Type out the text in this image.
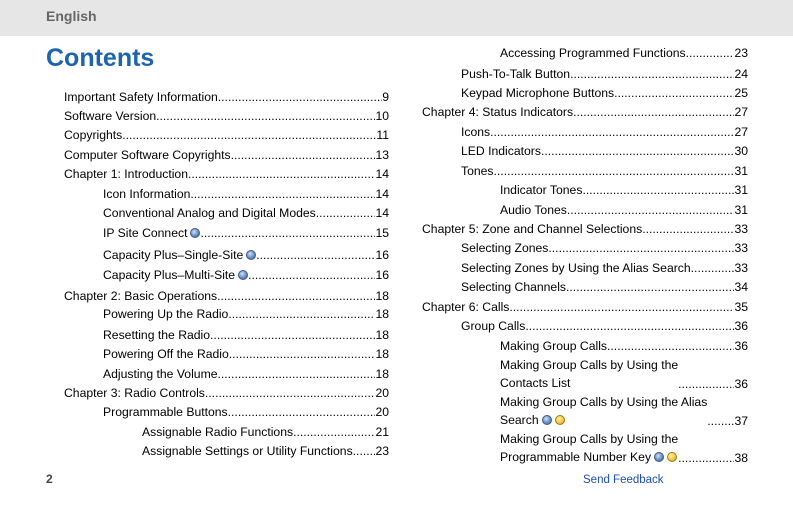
English
Contents
Important Safety Information .....	9
Software Version .....	10
Copyrights .....	11
Computer Software Copyrights .....	13
Chapter 1: Introduction .....	14
Icon Information .....	14
Conventional Analog and Digital Modes .....	14
IP Site Connect .....	15
Capacity Plus–Single-Site .....	16
Capacity Plus–Multi-Site .....	16
Chapter 2: Basic Operations .....	18
Powering Up the Radio .....	18
Resetting the Radio .....	18
Powering Off the Radio .....	18
Adjusting the Volume .....	18
Chapter 3: Radio Controls .....	20
Programmable Buttons .....	20
Assignable Radio Functions .....	21
Assignable Settings or Utility Functions ..... 23
Accessing Programmed Functions .....	23
Push-To-Talk Button .....	24
Keypad Microphone Buttons .....	25
Chapter 4: Status Indicators .....	27
Icons .....	27
LED Indicators .....	30
Tones .....	31
Indicator Tones .....	31
Audio Tones .....	31
Chapter 5: Zone and Channel Selections .....	33
Selecting Zones .....	33
Selecting Zones by Using the Alias Search .....	33
Selecting Channels .....	34
Chapter 6: Calls .....	35
Group Calls .....	36
Making Group Calls .....	36
Making Group Calls by Using the
Contacts List .....	36
Making Group Calls by Using the Alias
Search .....	37
Making Group Calls by Using the
Programmable Number Key .....	38
2	Send Feedback
